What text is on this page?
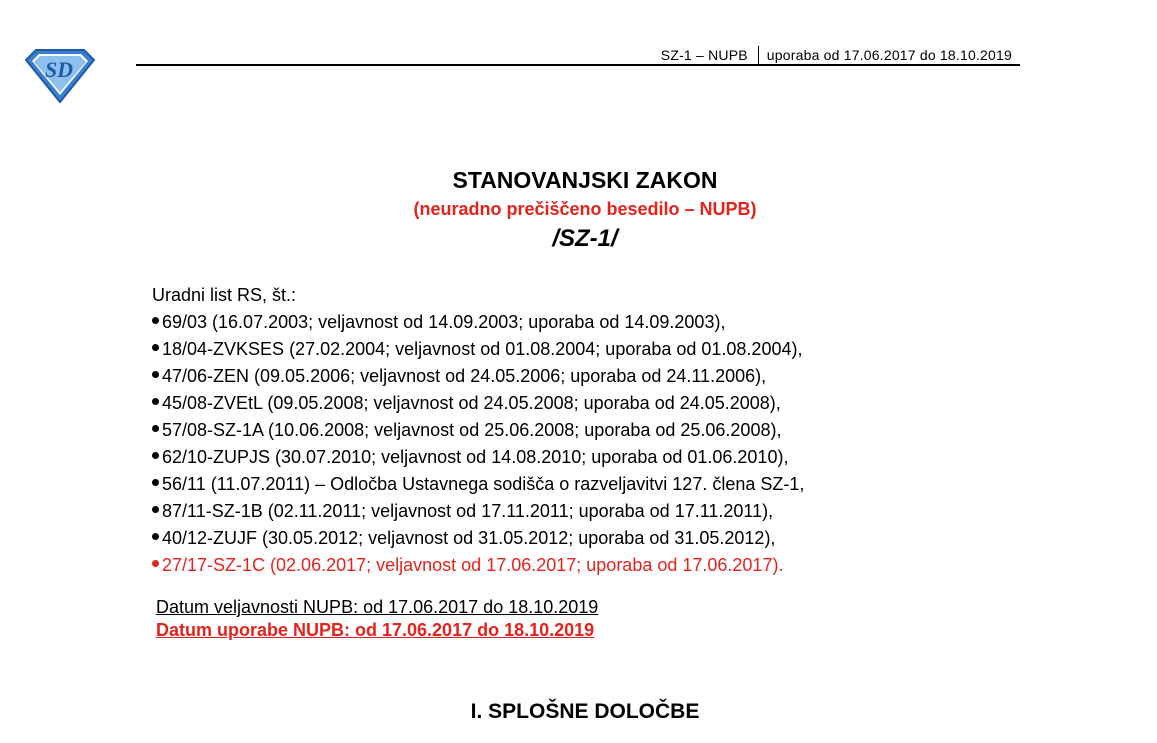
SD
SZ-1 – NUPB uporaba od 17.06.2017 do 18.10.2019
STANOVANJSKI ZAKON
(neuradno prečiščeno besedilo – NUPB)
/SZ-1/
Uradni list RS, št.:
69/03 (16.07.2003; veljavnost od 14.09.2003; uporaba od 14.09.2003),
18/04-ZVKSES (27.02.2004; veljavnost od 01.08.2004; uporaba od 01.08.2004),
47/06-ZEN (09.05.2006; veljavnost od 24.05.2006; uporaba od 24.11.2006),
45/08-ZVEtL (09.05.2008; veljavnost od 24.05.2008; uporaba od 24.05.2008),
57/08-SZ-1A (10.06.2008; veljavnost od 25.06.2008; uporaba od 25.06.2008),
62/10-ZUPJS (30.07.2010; veljavnost od 14.08.2010; uporaba od 01.06.2010),
56/11 (11.07.2011) – Odločba Ustavnega sodišča o razveljavitvi 127. člena SZ-1,
87/11-SZ-1B (02.11.2011; veljavnost od 17.11.2011; uporaba od 17.11.2011),
40/12-ZUJF (30.05.2012; veljavnost od 31.05.2012; uporaba od 31.05.2012),
27/17-SZ-1C (02.06.2017; veljavnost od 17.06.2017; uporaba od 17.06.2017).
Datum veljavnosti NUPB: od 17.06.2017 do 18.10.2019
Datum uporabe NUPB: od 17.06.2017 do 18.10.2019
I. SPLOŠNE DOLOČBE
